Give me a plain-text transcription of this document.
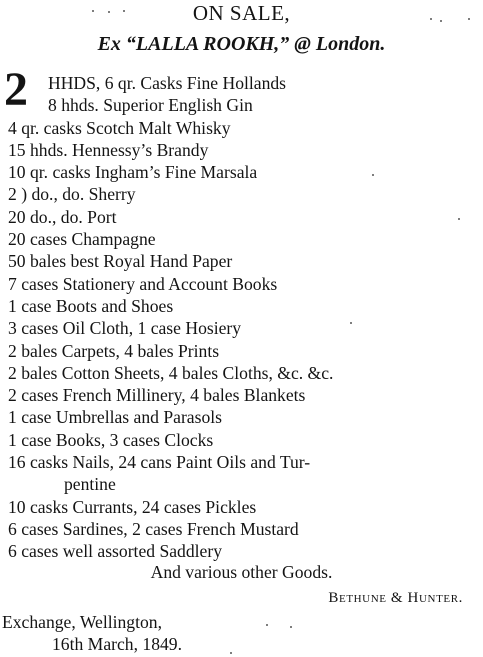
ON SALE,
Ex “LALLA ROOKH,” @ London.
2 HHDS, 6 qr. Casks Fine Hollands
8 hhds. Superior English Gin
4 qr. casks Scotch Malt Whisky
15 hhds. Hennessy’s Brandy
10 qr. casks Ingham’s Fine Marsala
2 ) do., do. Sherry
20 do., do. Port
20 cases Champagne
50 bales best Royal Hand Paper
7 cases Stationery and Account Books
1 case Boots and Shoes
3 cases Oil Cloth, 1 case Hosiery
2 bales Carpets, 4 bales Prints
2 bales Cotton Sheets, 4 bales Cloths, &c. &c.
2 cases French Millinery, 4 bales Blankets
1 case Umbrellas and Parasols
1 case Books, 3 cases Clocks
16 casks Nails, 24 cans Paint Oils and Tur-
pentine
10 casks Currants, 24 cases Pickles
6 cases Sardines, 2 cases French Mustard
6 cases well assorted Saddlery
And various other Goods.
Bethune & Hunter.
Exchange, Wellington,
16th March, 1849.
